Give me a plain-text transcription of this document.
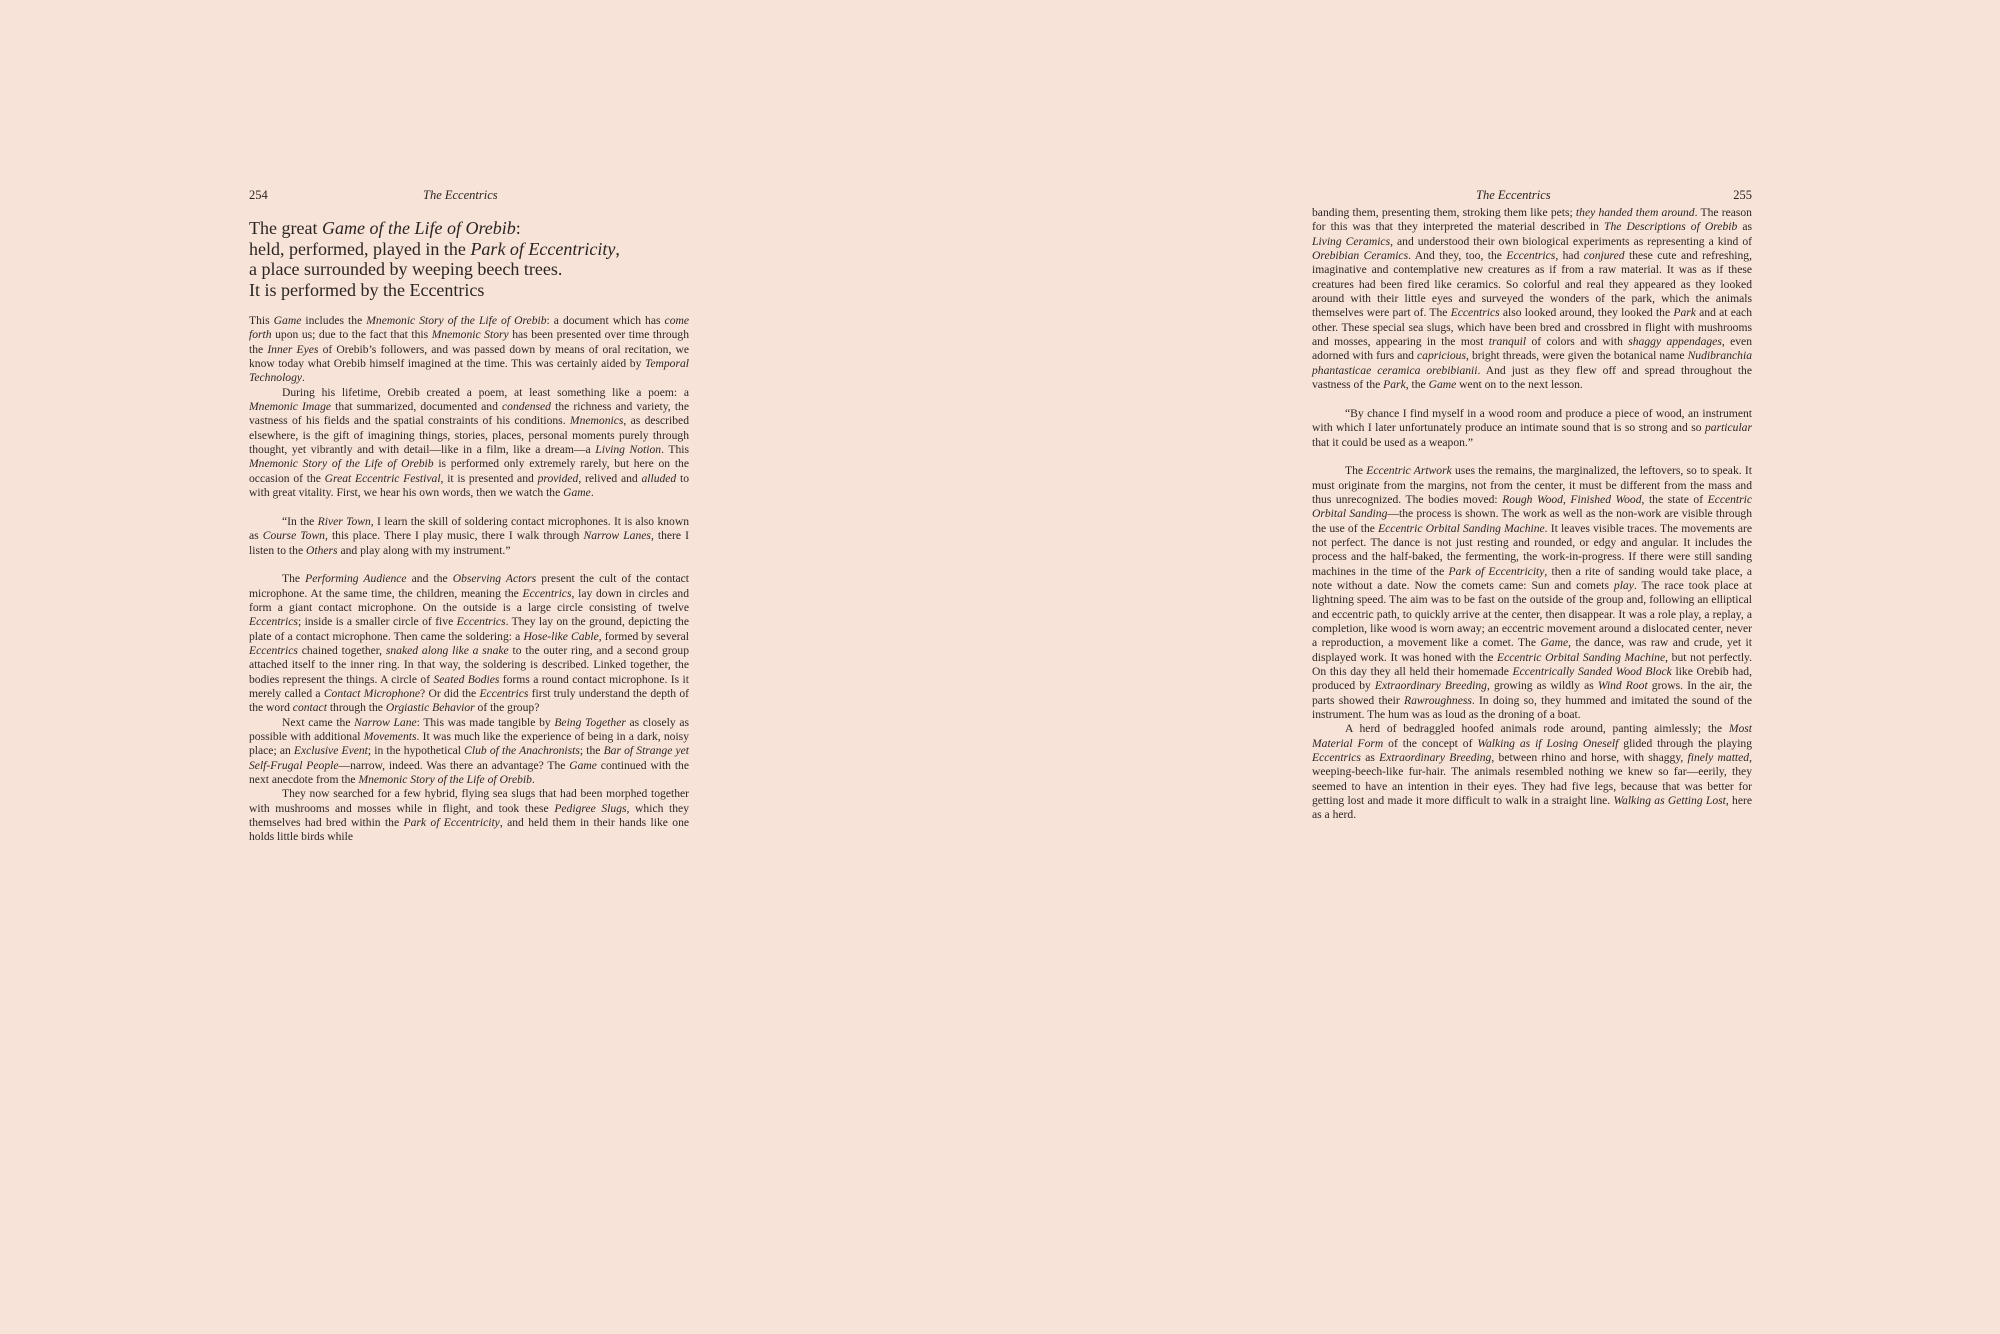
254	The Eccentrics
The great Game of the Life of Orebib:
held, performed, played in the Park of Eccentricity,
a place surrounded by weeping beech trees.
It is performed by the Eccentrics

This Game includes the Mnemonic Story of the Life of Orebib: a document which has come forth upon us; due to the fact that this Mnemonic Story has been presented over time through the Inner Eyes of Orebib’s followers, and was passed down by means of oral recitation, we know today what Orebib himself imagined at the time. This was certainly aided by Temporal Technology.

During his lifetime, Orebib created a poem, at least something like a poem: a Mnemonic Image that summarized, documented and condensed the richness and variety, the vastness of his fields and the spatial constraints of his conditions. Mnemonics, as described elsewhere, is the gift of imagining things, stories, places, personal moments purely through thought, yet vibrantly and with detail—like in a film, like a dream—a Living Notion. This Mnemonic Story of the Life of Orebib is performed only extremely rarely, but here on the occasion of the Great Eccentric Festival, it is presented and provided, relived and alluded to with great vitality. First, we hear his own words, then we watch the Game.

“In the River Town, I learn the skill of soldering contact microphones. It is also known as Course Town, this place. There I play music, there I walk through Narrow Lanes, there I listen to the Others and play along with my instrument.”

The Performing Audience and the Observing Actors present the cult of the contact microphone. At the same time, the children, meaning the Eccentrics, lay down in circles and form a giant contact microphone. On the outside is a large circle consisting of twelve Eccentrics; inside is a smaller circle of five Eccentrics. They lay on the ground, depicting the plate of a contact microphone. Then came the soldering: a Hose-like Cable, formed by several Eccentrics chained together, snaked along like a snake to the outer ring, and a second group attached itself to the inner ring. In that way, the soldering is described. Linked together, the bodies represent the things. A circle of Seated Bodies forms a round contact microphone. Is it merely called a Contact Microphone? Or did the Eccentrics first truly understand the depth of the word contact through the Orgiastic Behavior of the group?

Next came the Narrow Lane: This was made tangible by Being Together as closely as possible with additional Movements. It was much like the experience of being in a dark, noisy place; an Exclusive Event; in the hypothetical Club of the Anachronists; the Bar of Strange yet Self-Frugal People—narrow, indeed. Was there an advantage? The Game continued with the next anecdote from the Mnemonic Story of the Life of Orebib.

They now searched for a few hybrid, flying sea slugs that had been morphed together with mushrooms and mosses while in flight, and took these Pedigree Slugs, which they themselves had bred within the Park of Eccentricity, and held them in their hands like one holds little birds while

The Eccentrics	255

banding them, presenting them, stroking them like pets; they handed them around. The reason for this was that they interpreted the material described in The Descriptions of Orebib as Living Ceramics, and understood their own biological experiments as representing a kind of Orebibian Ceramics. And they, too, the Eccentrics, had conjured these cute and refreshing, imaginative and contemplative new creatures as if from a raw material. It was as if these creatures had been fired like ceramics. So colorful and real they appeared as they looked around with their little eyes and surveyed the wonders of the park, which the animals themselves were part of. The Eccentrics also looked around, they looked the Park and at each other. These special sea slugs, which have been bred and crossbred in flight with mushrooms and mosses, appearing in the most tranquil of colors and with shaggy appendages, even adorned with furs and capricious, bright threads, were given the botanical name Nudibranchia phantasticae ceramica orebibianii. And just as they flew off and spread throughout the vastness of the Park, the Game went on to the next lesson.

“By chance I find myself in a wood room and produce a piece of wood, an instrument with which I later unfortunately produce an intimate sound that is so strong and so particular that it could be used as a weapon.”

The Eccentric Artwork uses the remains, the marginalized, the leftovers, so to speak. It must originate from the margins, not from the center, it must be different from the mass and thus unrecognized. The bodies moved: Rough Wood, Finished Wood, the state of Eccentric Orbital Sanding—the process is shown. The work as well as the non-work are visible through the use of the Eccentric Orbital Sanding Machine. It leaves visible traces. The movements are not perfect. The dance is not just resting and rounded, or edgy and angular. It includes the process and the half-baked, the fermenting, the work-in-progress. If there were still sanding machines in the time of the Park of Eccentricity, then a rite of sanding would take place, a note without a date. Now the comets came: Sun and comets play. The race took place at lightning speed. The aim was to be fast on the outside of the group and, following an elliptical and eccentric path, to quickly arrive at the center, then disappear. It was a role play, a replay, a completion, like wood is worn away; an eccentric movement around a dislocated center, never a reproduction, a movement like a comet. The Game, the dance, was raw and crude, yet it displayed work. It was honed with the Eccentric Orbital Sanding Machine, but not perfectly. On this day they all held their homemade Eccentrically Sanded Wood Block like Orebib had, produced by Extraordinary Breeding, growing as wildly as Wind Root grows. In the air, the parts showed their Rawroughness. In doing so, they hummed and imitated the sound of the instrument. The hum was as loud as the droning of a boat.

A herd of bedraggled hoofed animals rode around, panting aimlessly; the Most Material Form of the concept of Walking as if Losing Oneself glided through the playing Eccentrics as Extraordinary Breeding, between rhino and horse, with shaggy, finely matted, weeping-beech-like fur-hair. The animals resembled nothing we knew so far—eerily, they seemed to have an intention in their eyes. They had five legs, because that was better for getting lost and made it more difficult to walk in a straight line. Walking as Getting Lost, here as a herd.
